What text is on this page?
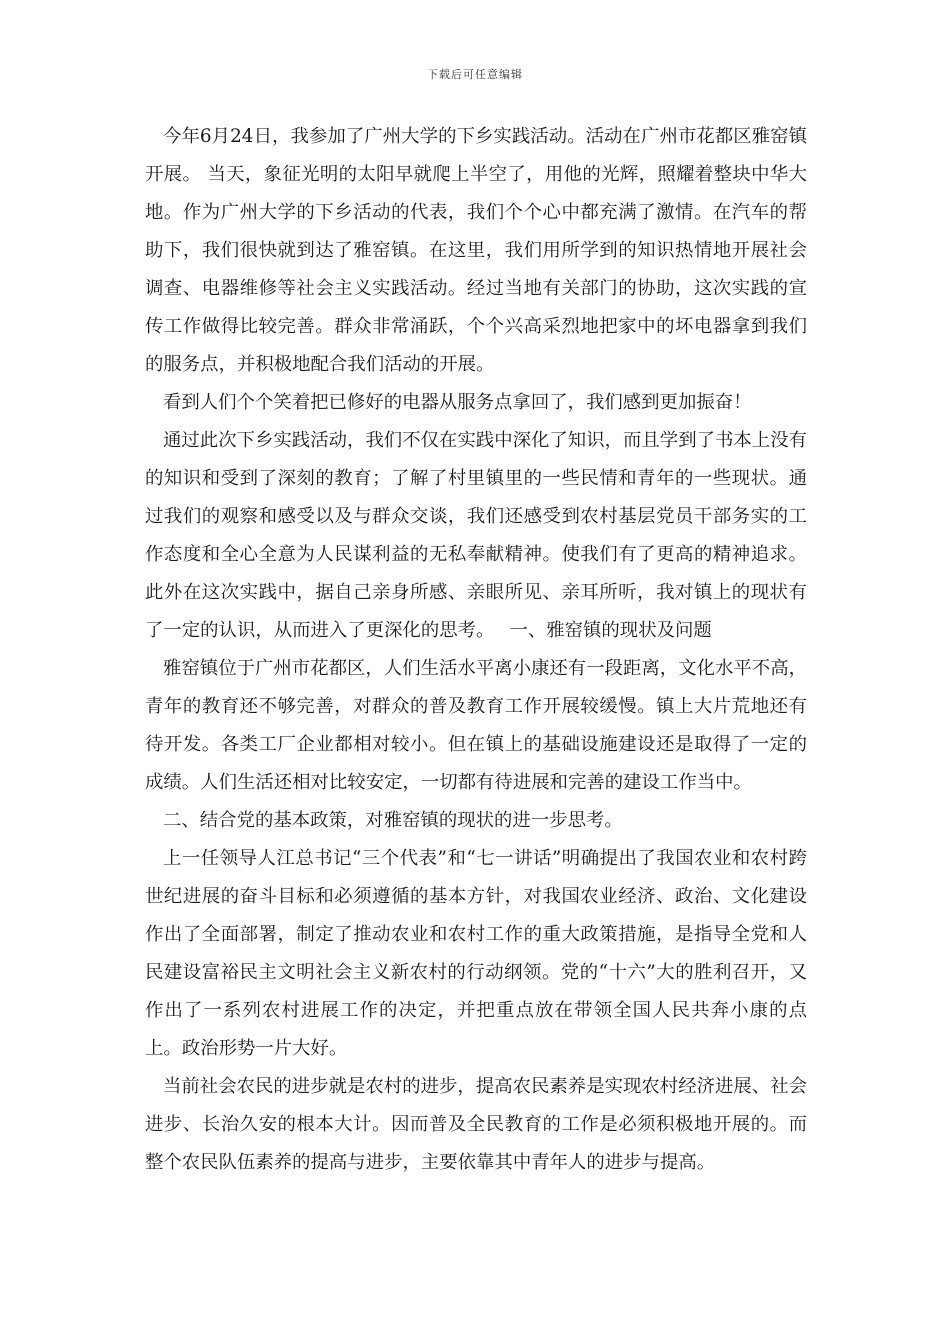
下载后可任意编辑

今年6月24日，我参加了广州大学的下乡实践活动。活动在广州市花都区雅窑镇开展。 当天，象征光明的太阳早就爬上半空了，用他的光辉，照耀着整块中华大地。作为广州大学的下乡活动的代表，我们个个心中都充满了激情。在汽车的帮助下，我们很快就到达了雅窑镇。在这里，我们用所学到的知识热情地开展社会调查、电器维修等社会主义实践活动。经过当地有关部门的协助，这次实践的宣传工作做得比较完善。群众非常涌跃，个个兴高采烈地把家中的坏电器拿到我们的服务点，并积极地配合我们活动的开展。

看到人们个个笑着把已修好的电器从服务点拿回了，我们感到更加振奋！

通过此次下乡实践活动，我们不仅在实践中深化了知识，而且学到了书本上没有的知识和受到了深刻的教育；了解了村里镇里的一些民情和青年的一些现状。通过我们的观察和感受以及与群众交谈，我们还感受到农村基层党员干部务实的工作态度和全心全意为人民谋利益的无私奉献精神。使我们有了更高的精神追求。此外在这次实践中，据自己亲身所感、亲眼所见、亲耳所听，我对镇上的现状有了一定的认识，从而进入了更深化的思考。　 一、雅窑镇的现状及问题

雅窑镇位于广州市花都区，人们生活水平离小康还有一段距离，文化水平不高，青年的教育还不够完善，对群众的普及教育工作开展较缓慢。镇上大片荒地还有待开发。各类工厂企业都相对较小。但在镇上的基础设施建设还是取得了一定的成绩。人们生活还相对比较安定，一切都有待进展和完善的建设工作当中。

二、结合党的基本政策，对雅窑镇的现状的进一步思考。

上一任领导人江总书记“三个代表”和“七一讲话”明确提出了我国农业和农村跨世纪进展的奋斗目标和必须遵循的基本方针，对我国农业经济、政治、文化建设作出了全面部署，制定了推动农业和农村工作的重大政策措施，是指导全党和人民建设富裕民主文明社会主义新农村的行动纲领。党的“十六”大的胜利召开，又作出了一系列农村进展工作的决定，并把重点放在带领全国人民共奔小康的点上。政治形势一片大好。

当前社会农民的进步就是农村的进步，提高农民素养是实现农村经济进展、社会进步、长治久安的根本大计。因而普及全民教育的工作是必须积极地开展的。而整个农民队伍素养的提高与进步，主要依靠其中青年人的进步与提高。
